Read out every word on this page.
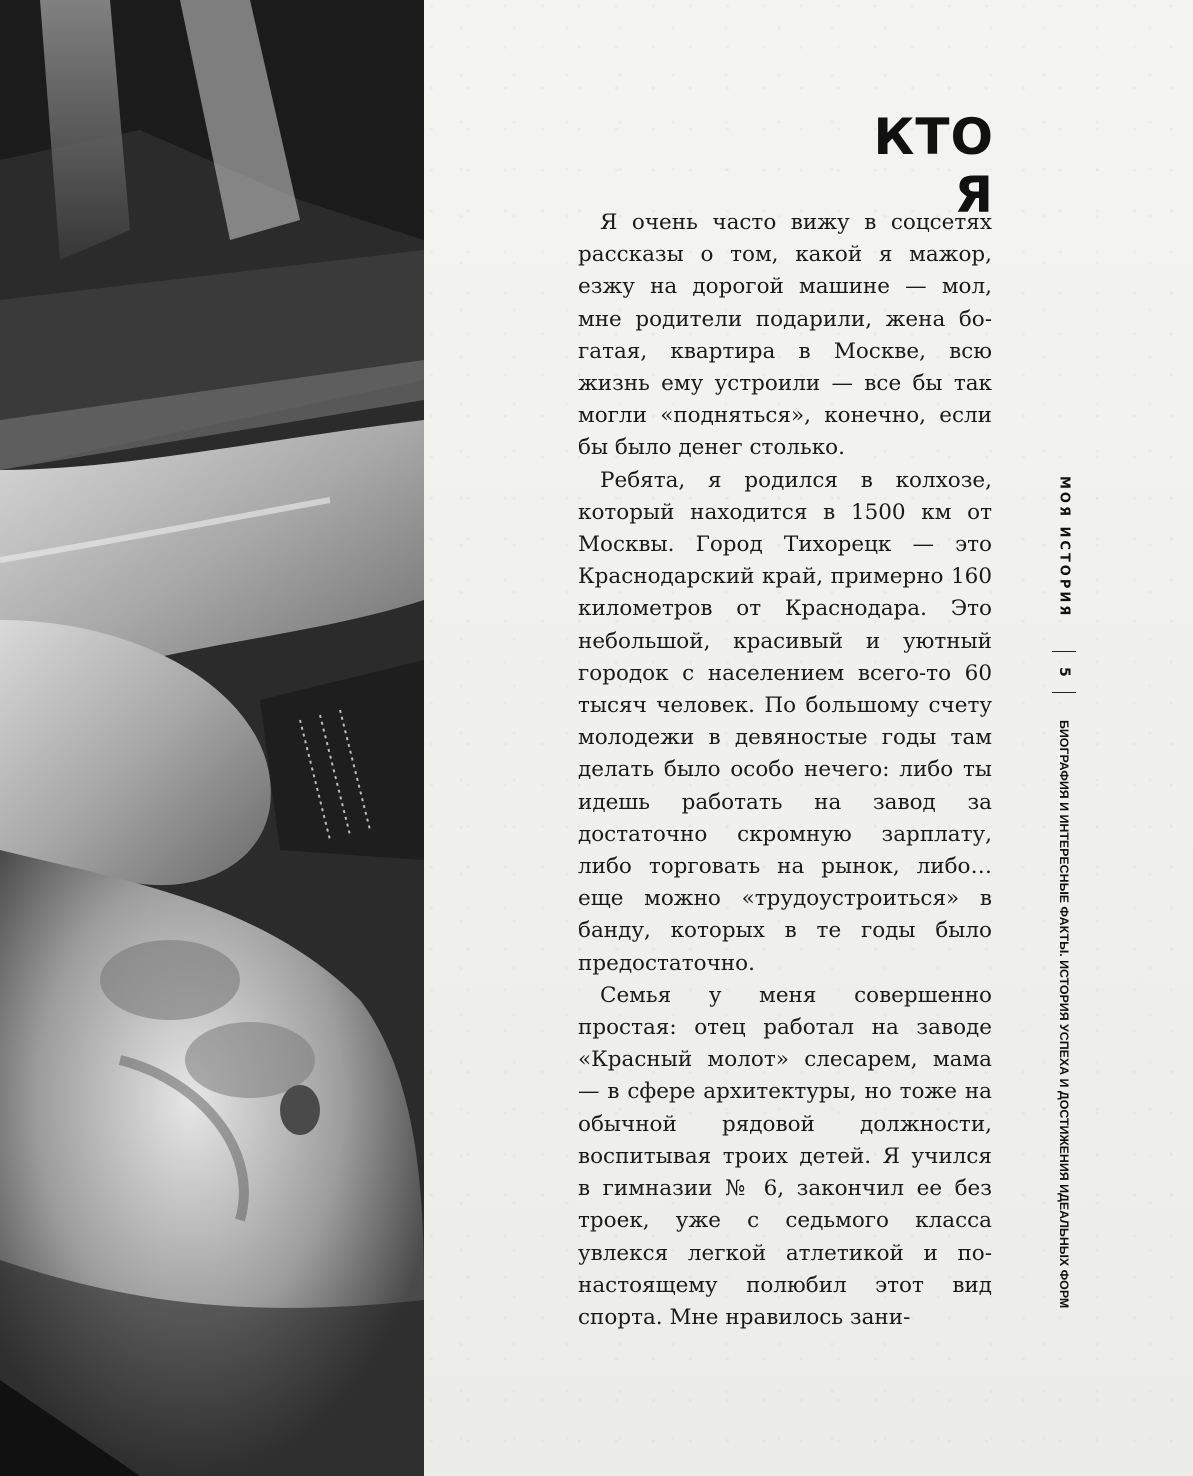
КТО Я

Я очень часто вижу в соцсетях рассказы о том, какой я мажор, езжу на дорогой машине — мол, мне родители подарили, жена богатая, квартира в Москве, всю жизнь ему устроили — все бы так могли «подняться», конечно, если бы было денег столько.

Ребята, я родился в колхозе, который находится в 1500 км от Москвы. Город Тихорецк — это Краснодарский край, примерно 160 километров от Краснодара. Это небольшой, красивый и уютный городок с населением всего-то 60 тысяч человек. По большому счету молодежи в девяностые годы там делать было особо нечего: либо ты идешь работать на завод за достаточно скромную зарплату, либо торговать на рынок, либо… еще можно «трудоустроиться» в банду, которых в те годы было предостаточно.

Семья у меня совершенно простая: отец работал на заводе «Красный молот» слесарем, мама — в сфере архитектуры, но тоже на обычной рядовой должности, воспитывая троих детей. Я учился в гимназии № 6, закончил ее без троек, уже с седьмого класса увлекся легкой атлетикой и по-настоящему полюбил этот вид спорта. Мне нравилось зани-

МОЯ ИСТОРИЯ
5
БИОГРАФИЯ И ИНТЕРЕСНЫЕ ФАКТЫ. ИСТОРИЯ УСПЕХА И ДОСТИЖЕНИЯ ИДЕАЛЬНЫХ ФОРМ
